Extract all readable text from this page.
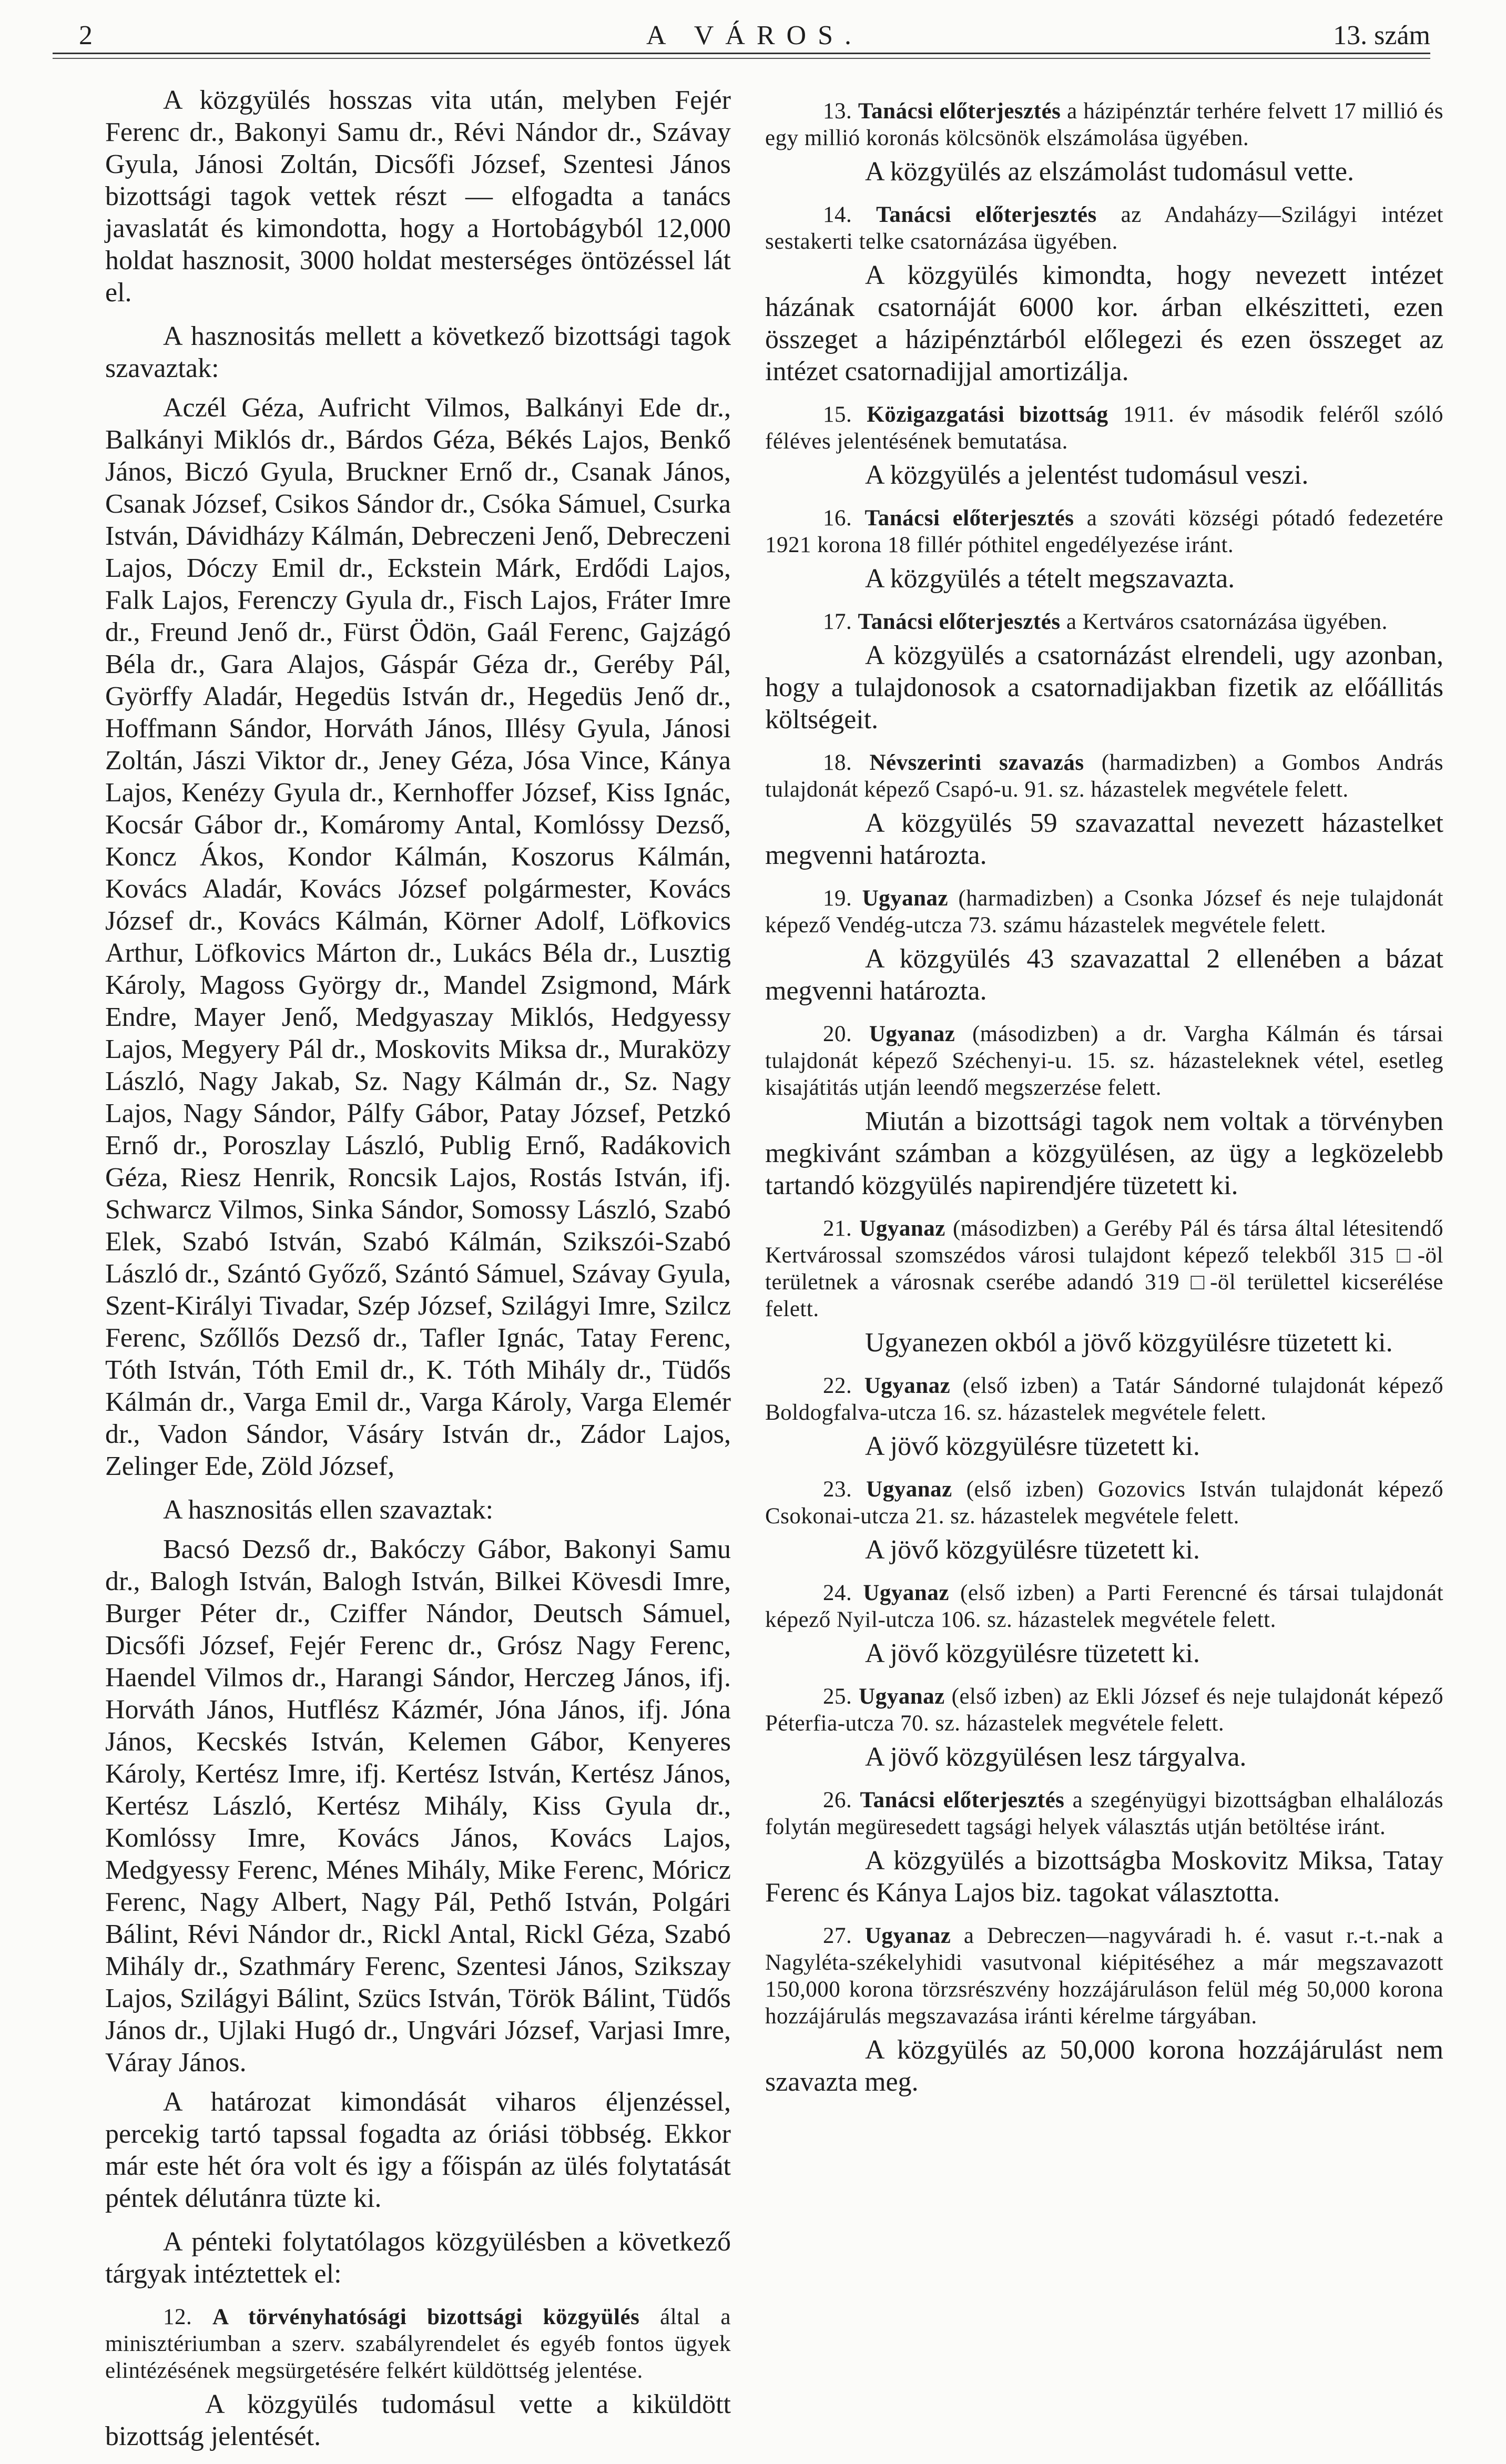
2	A VÁROS.	13. szám

A közgyülés hosszas vita után, melyben Fejér Ferenc dr., Bakonyi Samu dr., Révi Nándor dr., Szávay Gyula, Jánosi Zoltán, Dicsőfi József, Szentesi János bizottsági tagok vettek részt — elfogadta a tanács javaslatát és kimondotta, hogy a Hortobágyból 12,000 holdat hasznosit, 3000 holdat mesterséges öntözéssel lát el.

A hasznositás mellett a következő bizottsági tagok szavaztak:

Aczél Géza, Aufricht Vilmos, Balkányi Ede dr., Balkányi Miklós dr., Bárdos Géza, Békés Lajos, Benkő János, Biczó Gyula, Bruckner Ernő dr., Csanak János, Csanak József, Csikos Sándor dr., Csóka Sámuel, Csurka István, Dávidházy Kálmán, Debreczeni Jenő, Debreczeni Lajos, Dóczy Emil dr., Eckstein Márk, Erdődi Lajos, Falk Lajos, Ferenczy Gyula dr., Fisch Lajos, Fráter Imre dr., Freund Jenő dr., Fürst Ödön, Gaál Ferenc, Gajzágó Béla dr., Gara Alajos, Gáspár Géza dr., Geréby Pál, Györffy Aladár, Hegedüs István dr., Hegedüs Jenő dr., Hoffmann Sándor, Horváth János, Illésy Gyula, Jánosi Zoltán, Jászi Viktor dr., Jeney Géza, Jósa Vince, Kánya Lajos, Kenézy Gyula dr., Kernhoffer József, Kiss Ignác, Kocsár Gábor dr., Komáromy Antal, Komlóssy Dezső, Koncz Ákos, Kondor Kálmán, Koszorus Kálmán, Kovács Aladár, Kovács József polgármester, Kovács József dr., Kovács Kálmán, Körner Adolf, Löfkovics Arthur, Löfkovics Márton dr., Lukács Béla dr., Lusztig Károly, Magoss György dr., Mandel Zsigmond, Márk Endre, Mayer Jenő, Medgyaszay Miklós, Hedgyessy Lajos, Megyery Pál dr., Moskovits Miksa dr., Muraközy László, Nagy Jakab, Sz. Nagy Kálmán dr., Sz. Nagy Lajos, Nagy Sándor, Pálfy Gábor, Patay József, Petzkó Ernő dr., Poroszlay László, Publig Ernő, Radákovich Géza, Riesz Henrik, Roncsik Lajos, Rostás István, ifj. Schwarcz Vilmos, Sinka Sándor, Somossy László, Szabó Elek, Szabó István, Szabó Kálmán, Szikszói-Szabó László dr., Szántó Győző, Szántó Sámuel, Szávay Gyula, Szent-Királyi Tivadar, Szép József, Szilágyi Imre, Szilcz Ferenc, Szőllős Dezső dr., Tafler Ignác, Tatay Ferenc, Tóth István, Tóth Emil dr., K. Tóth Mihály dr., Tüdős Kálmán dr., Varga Emil dr., Varga Károly, Varga Elemér dr., Vadon Sándor, Vásáry István dr., Zádor Lajos, Zelinger Ede, Zöld József,

A hasznositás ellen szavaztak:

Bacsó Dezső dr., Bakóczy Gábor, Bakonyi Samu dr., Balogh István, Balogh István, Bilkei Kövesdi Imre, Burger Péter dr., Cziffer Nándor, Deutsch Sámuel, Dicsőfi József, Fejér Ferenc dr., Grósz Nagy Ferenc, Haendel Vilmos dr., Harangi Sándor, Herczeg János, ifj. Horváth János, Hutflész Kázmér, Jóna János, ifj. Jóna János, Kecskés István, Kelemen Gábor, Kenyeres Károly, Kertész Imre, ifj. Kertész István, Kertész János, Kertész László, Kertész Mihály, Kiss Gyula dr., Komlóssy Imre, Kovács János, Kovács Lajos, Medgyessy Ferenc, Ménes Mihály, Mike Ferenc, Móricz Ferenc, Nagy Albert, Nagy Pál, Pethő István, Polgári Bálint, Révi Nándor dr., Rickl Antal, Rickl Géza, Szabó Mihály dr., Szathmáry Ferenc, Szentesi János, Szikszay Lajos, Szilágyi Bálint, Szücs István, Török Bálint, Tüdős János dr., Ujlaki Hugó dr., Ungvári József, Varjasi Imre, Váray János.

A határozat kimondását viharos éljenzéssel, percekig tartó tapssal fogadta az óriási többség. Ekkor már este hét óra volt és igy a főispán az ülés folytatását péntek délutánra tüzte ki.

A pénteki folytatólagos közgyülésben a következő tárgyak intéztettek el:

12. A törvényhatósági bizottsági közgyülés által a minisztériumban a szerv. szabályrendelet és egyéb fontos ügyek elintézésének megsürgetésére felkért küldöttség jelentése.

A közgyülés tudomásul vette a kiküldött bizottság jelentését.

13. Tanácsi előterjesztés a házipénztár terhére felvett 17 millió és egy millió koronás kölcsönök elszámolása ügyében.

A közgyülés az elszámolást tudomásul vette.

14. Tanácsi előterjesztés az Andaházy—Szilágyi intézet sestakerti telke csatornázása ügyében.

A közgyülés kimondta, hogy nevezett intézet házának csatornáját 6000 kor. árban elkészitteti, ezen összeget a házipénztárból előlegezi és ezen összeget az intézet csatornadijjal amortizálja.

15. Közigazgatási bizottság 1911. év második feléről szóló féléves jelentésének bemutatása.

A közgyülés a jelentést tudomásul veszi.

16. Tanácsi előterjesztés a szováti községi pótadó fedezetére 1921 korona 18 fillér póthitel engedélyezése iránt.

A közgyülés a tételt megszavazta.

17. Tanácsi előterjesztés a Kertváros csatornázása ügyében.

A közgyülés a csatornázást elrendeli, ugy azonban, hogy a tulajdonosok a csatornadijakban fizetik az előállitás költségeit.

18. Névszerinti szavazás (harmadizben) a Gombos András tulajdonát képező Csapó-u. 91. sz. házastelek megvétele felett.

A közgyülés 59 szavazattal nevezett házastelket megvenni határozta.

19. Ugyanaz (harmadizben) a Csonka József és neje tulajdonát képező Vendég-utcza 73. számu házastelek megvétele felett.

A közgyülés 43 szavazattal 2 ellenében a bázat megvenni határozta.

20. Ugyanaz (másodizben) a dr. Vargha Kálmán és társai tulajdonát képező Széchenyi-u. 15. sz. házasteleknek vétel, esetleg kisajátitás utján leendő megszerzése felett.

Miután a bizottsági tagok nem voltak a törvényben megkivánt számban a közgyülésen, az ügy a legközelebb tartandó közgyülés napirendjére tüzetett ki.

21. Ugyanaz (másodizben) a Geréby Pál és társa által létesitendő Kertvárossal szomszédos városi tulajdont képező telekből 315 □-öl területnek a városnak cserébe adandó 319 □-öl területtel kicserélése felett.

Ugyanezen okból a jövő közgyülésre tüzetett ki.

22. Ugyanaz (első izben) a Tatár Sándorné tulajdonát képező Boldogfalva-utcza 16. sz. házastelek megvétele felett.

A jövő közgyülésre tüzetett ki.

23. Ugyanaz (első izben) Gozovics István tulajdonát képező Csokonai-utcza 21. sz. házastelek megvétele felett.

A jövő közgyülésre tüzetett ki.

24. Ugyanaz (első izben) a Parti Ferencné és társai tulajdonát képező Nyil-utcza 106. sz. házastelek megvétele felett.

A jövő közgyülésre tüzetett ki.

25. Ugyanaz (első izben) az Ekli József és neje tulajdonát képező Péterfia-utcza 70. sz. házastelek megvétele felett.

A jövő közgyülésen lesz tárgyalva.

26. Tanácsi előterjesztés a szegényügyi bizottságban elhalálozás folytán megüresedett tagsági helyek választás utján betöltése iránt.

A közgyülés a bizottságba Moskovitz Miksa, Tatay Ferenc és Kánya Lajos biz. tagokat választotta.

27. Ugyanaz a Debreczen—nagyváradi h. é. vasut r.-t.-nak a Nagyléta-székelyhidi vasutvonal kiépitéséhez a már megszavazott 150,000 korona törzsrészvény hozzájáruláson felül még 50,000 korona hozzájárulás megszavazása iránti kérelme tárgyában.

A közgyülés az 50,000 korona hozzájárulást nem szavazta meg.
